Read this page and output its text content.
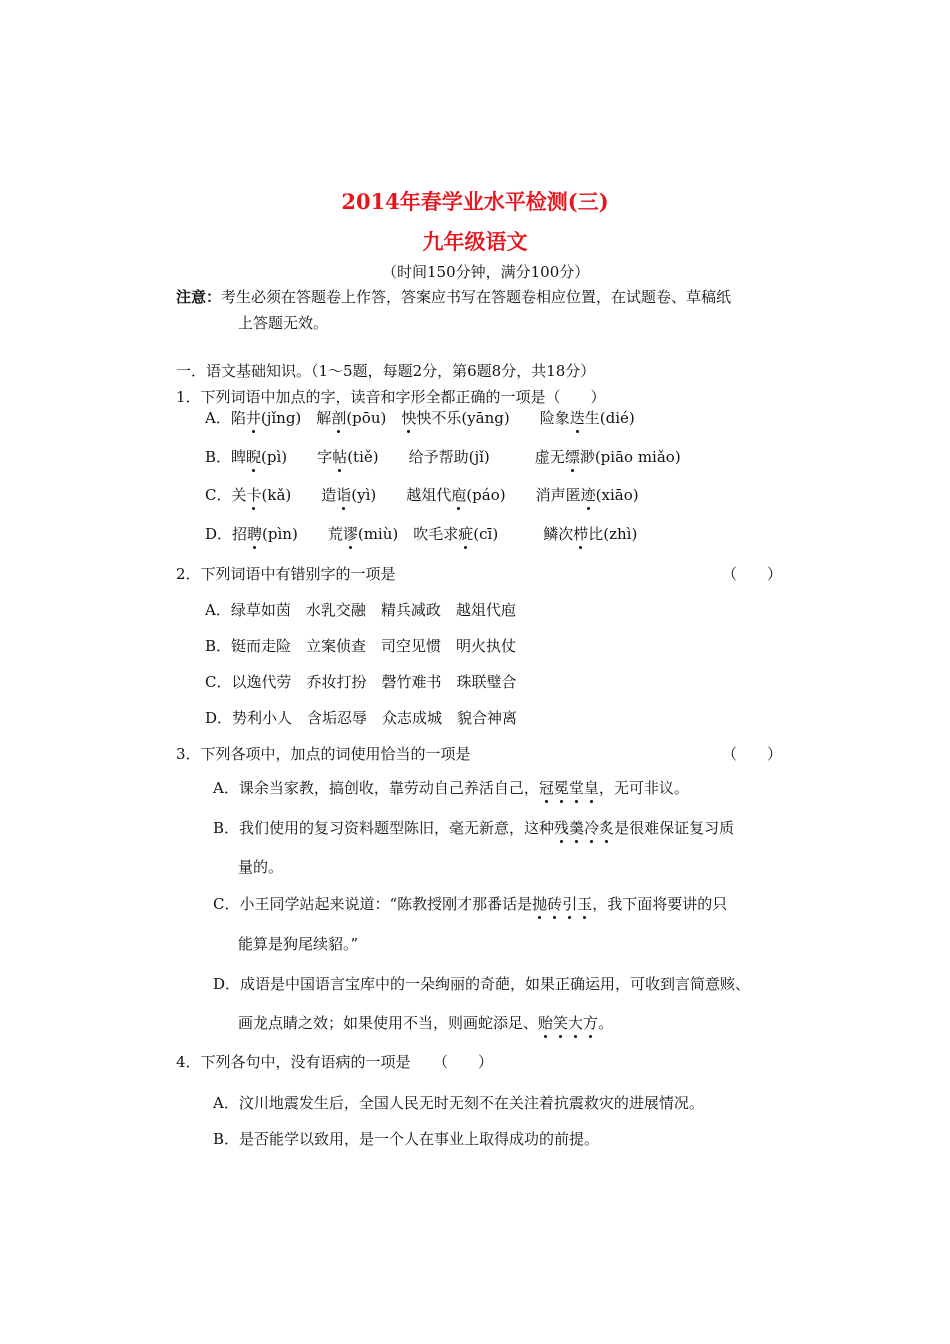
2014年春学业水平检测(三)
九年级语文
（时间150分钟，满分100分）
注意：考生必须在答题卷上作答，答案应书写在答题卷相应位置，在试题卷、草稿纸
上答题无效。
一．语文基础知识。（1～5题，每题2分，第6题8分，共18分）
1．下列词语中加点的字，读音和字形全都正确的一项是（　　）
A．陷井(jǐng)　 解剖(pōu)　 怏怏不乐(yāng)　　 险象迭生(dié)
B．睥睨(pì)　　 字帖(tiě)　　 给予帮助(jǐ)　　　	虚无缥渺(piāo miǎo)
C．关卡(kǎ)　　 造诣(yì)　　 越俎代庖(páo)　　 消声匿迹(xiāo)
D．招聘(pìn)　　 荒谬(miù)　 吹毛求疵(cī)　　　	鳞次栉比(zhì)
2．下列词语中有错别字的一项是	（　　）
A．绿草如茵　水乳交融　精兵减政　越俎代庖
B．铤而走险　立案侦查　司空见惯　明火执仗
C．以逸代劳　乔妆打扮　磬竹难书　珠联璧合
D．势利小人　含垢忍辱　众志成城　貌合神离
3．下列各项中，加点的词使用恰当的一项是	（　　）
A．课余当家教，搞创收，靠劳动自己养活自己，冠冕堂皇，无可非议。
B．我们使用的复习资料题型陈旧，毫无新意，这种残羹冷炙是很难保证复习质
量的。
C．小王同学站起来说道：“陈教授刚才那番话是抛砖引玉，我下面将要讲的只
能算是狗尾续貂。”
D．成语是中国语言宝库中的一朵绚丽的奇葩，如果正确运用，可收到言简意赅、
画龙点睛之效；如果使用不当，则画蛇添足、贻笑大方。
4．下列各句中，没有语病的一项是　　（　　）
A．汶川地震发生后，全国人民无时无刻不在关注着抗震救灾的进展情况。
B．是否能学以致用，是一个人在事业上取得成功的前提。
